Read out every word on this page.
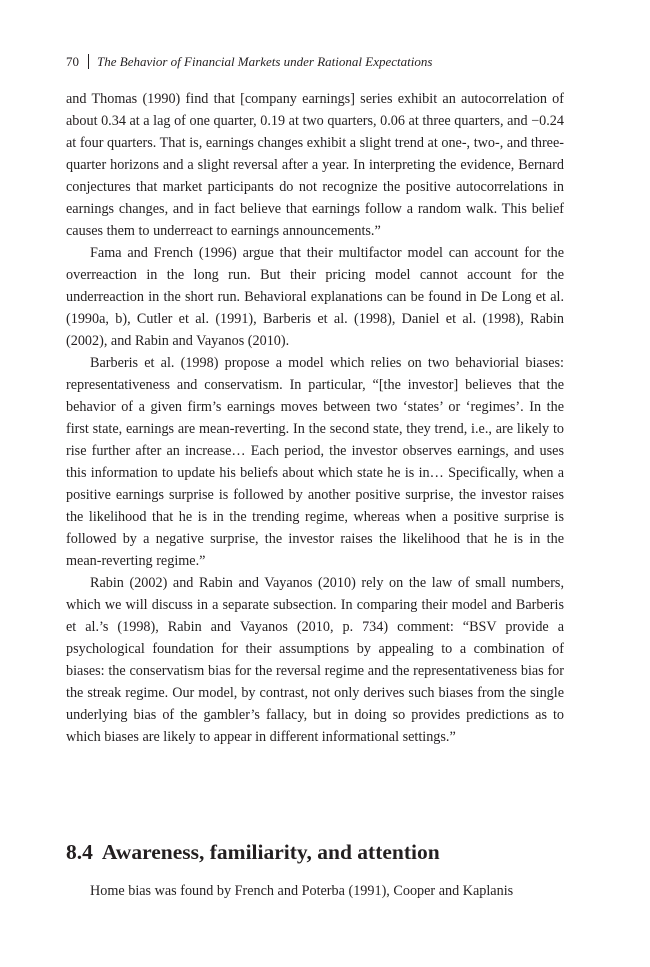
70 The Behavior of Financial Markets under Rational Expectations

and Thomas (1990) find that [company earnings] series exhibit an autocorrelation of about 0.34 at a lag of one quarter, 0.19 at two quarters, 0.06 at three quarters, and −0.24 at four quarters. That is, earnings changes exhibit a slight trend at one-, two-, and three-quarter horizons and a slight reversal after a year. In interpreting the evidence, Bernard conjectures that market participants do not recognize the positive autocorrelations in earnings changes, and in fact believe that earnings follow a random walk. This belief causes them to underreact to earnings announcements.”

Fama and French (1996) argue that their multifactor model can account for the overreaction in the long run. But their pricing model cannot account for the underreaction in the short run. Behavioral explanations can be found in De Long et al. (1990a, b), Cutler et al. (1991), Barberis et al. (1998), Daniel et al. (1998), Rabin (2002), and Rabin and Vayanos (2010).

Barberis et al. (1998) propose a model which relies on two behaviorial biases: representativeness and conservatism. In particular, “[the investor] believes that the behavior of a given firm’s earnings moves between two ‘states’ or ‘regimes’. In the first state, earnings are mean-reverting. In the second state, they trend, i.e., are likely to rise further after an increase… Each period, the investor observes earnings, and uses this information to update his beliefs about which state he is in… Specifically, when a positive earnings surprise is followed by another positive surprise, the investor raises the likelihood that he is in the trending regime, whereas when a positive surprise is followed by a negative surprise, the investor raises the likelihood that he is in the mean-reverting regime.”

Rabin (2002) and Rabin and Vayanos (2010) rely on the law of small numbers, which we will discuss in a separate subsection. In comparing their model and Barberis et al.’s (1998), Rabin and Vayanos (2010, p. 734) comment: “BSV provide a psychological foundation for their assumptions by appealing to a combination of biases: the conservatism bias for the reversal regime and the representativeness bias for the streak regime. Our model, by contrast, not only derives such biases from the single underlying bias of the gambler’s fallacy, but in doing so provides predictions as to which biases are likely to appear in different informational settings.”

8.4 Awareness, familiarity, and attention

Home bias was found by French and Poterba (1991), Cooper and Kaplanis
